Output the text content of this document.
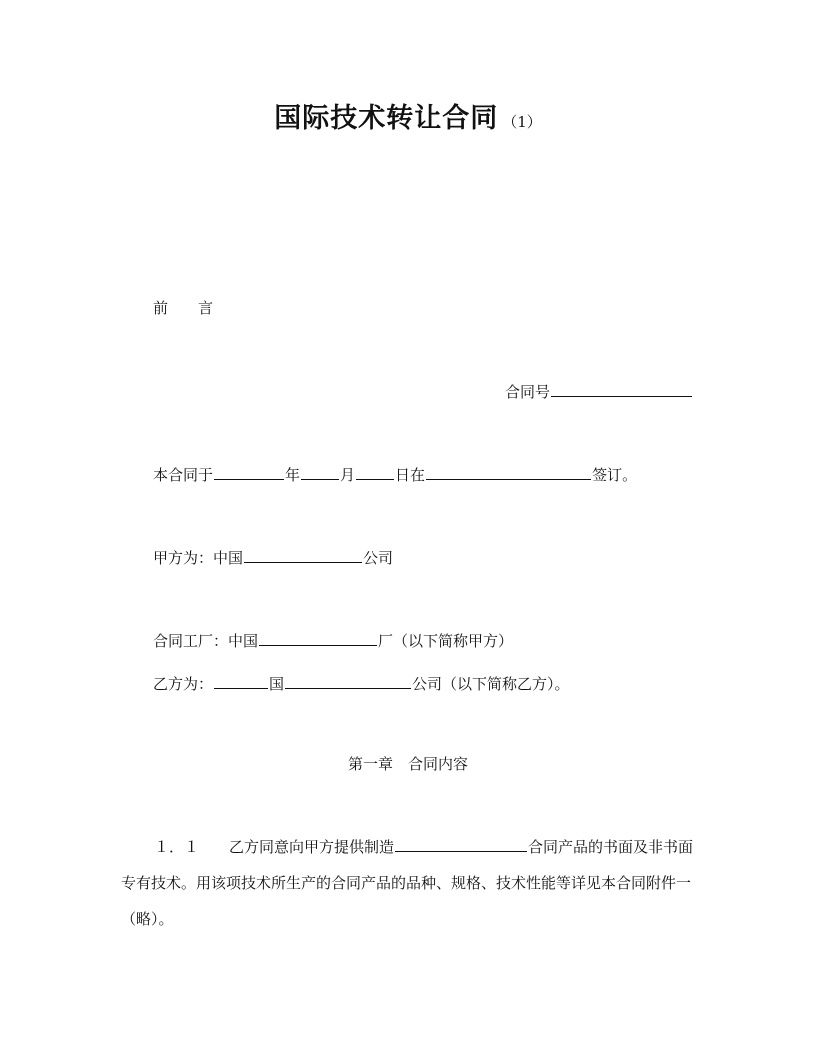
国际技术转让合同 （1）
前　　言
合同号
本合同于	年	月	日在	签订。
甲方为：中国	公司
合同工厂：中国	厂（以下简称甲方）
乙方为：	国	公司（以下简称乙方）。
第一章　合同内容
１．１　　 乙方同意向甲方提供制造	合同产品的书面及非书面专有技术。用该项技术所生产的合同产品的品种、规格、技术性能等详见本合同附件一（略）。
